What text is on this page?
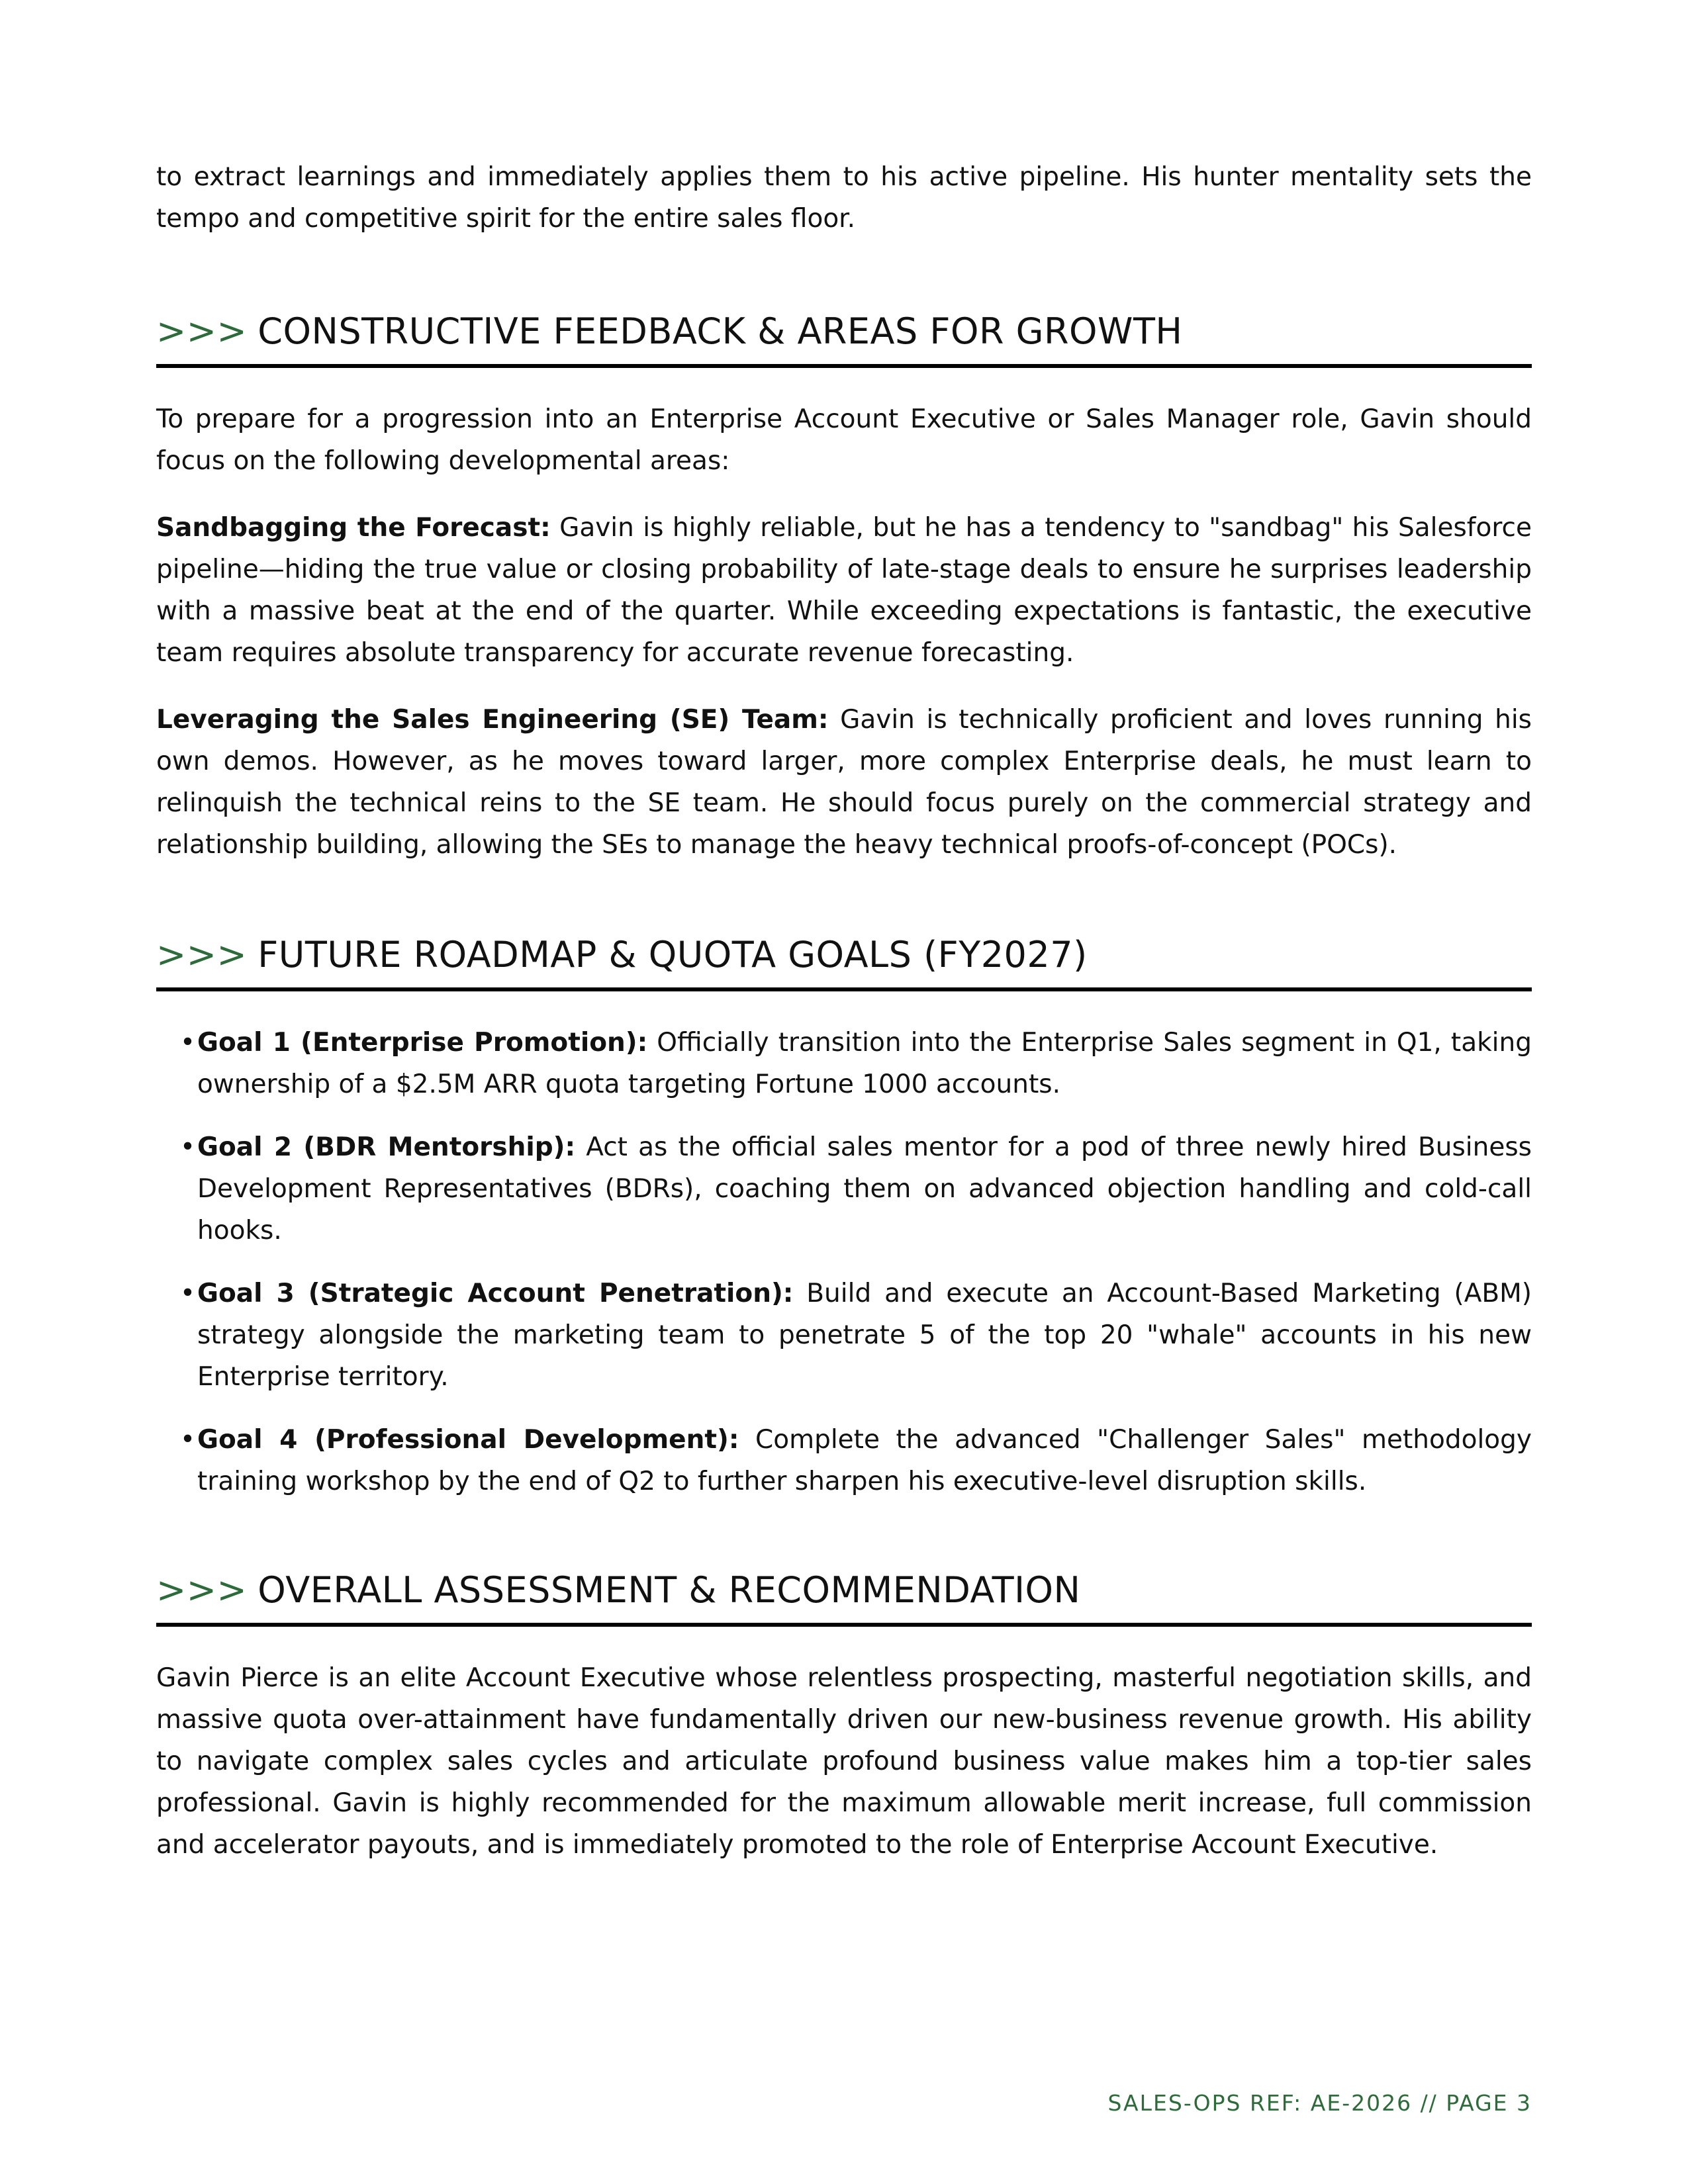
to extract learnings and immediately applies them to his active pipeline. His hunter mentality sets the tempo and competitive spirit for the entire sales floor.

>>> CONSTRUCTIVE FEEDBACK & AREAS FOR GROWTH

To prepare for a progression into an Enterprise Account Executive or Sales Manager role, Gavin should focus on the following developmental areas:

Sandbagging the Forecast: Gavin is highly reliable, but he has a tendency to "sandbag" his Salesforce pipeline—hiding the true value or closing probability of late-stage deals to ensure he surprises leadership with a massive beat at the end of the quarter. While exceeding expectations is fantastic, the executive team requires absolute transparency for accurate revenue forecasting.

Leveraging the Sales Engineering (SE) Team: Gavin is technically proficient and loves running his own demos. However, as he moves toward larger, more complex Enterprise deals, he must learn to relinquish the technical reins to the SE team. He should focus purely on the commercial strategy and relationship building, allowing the SEs to manage the heavy technical proofs-of-concept (POCs).

>>> FUTURE ROADMAP & QUOTA GOALS (FY2027)
• Goal 1 (Enterprise Promotion): Officially transition into the Enterprise Sales segment in Q1, taking ownership of a $2.5M ARR quota targeting Fortune 1000 accounts.
• Goal 2 (BDR Mentorship): Act as the official sales mentor for a pod of three newly hired Business Development Representatives (BDRs), coaching them on advanced objection handling and cold-call hooks.
• Goal 3 (Strategic Account Penetration): Build and execute an Account-Based Marketing (ABM) strategy alongside the marketing team to penetrate 5 of the top 20 "whale" accounts in his new Enterprise territory.
• Goal 4 (Professional Development): Complete the advanced "Challenger Sales" methodology training workshop by the end of Q2 to further sharpen his executive-level disruption skills.
>>> OVERALL ASSESSMENT & RECOMMENDATION

Gavin Pierce is an elite Account Executive whose relentless prospecting, masterful negotiation skills, and massive quota over-attainment have fundamentally driven our new-business revenue growth. His ability to navigate complex sales cycles and articulate profound business value makes him a top-tier sales professional. Gavin is highly recommended for the maximum allowable merit increase, full commission and accelerator payouts, and is immediately promoted to the role of Enterprise Account Executive.

SALES-OPS REF: AE-2026 // PAGE 3
